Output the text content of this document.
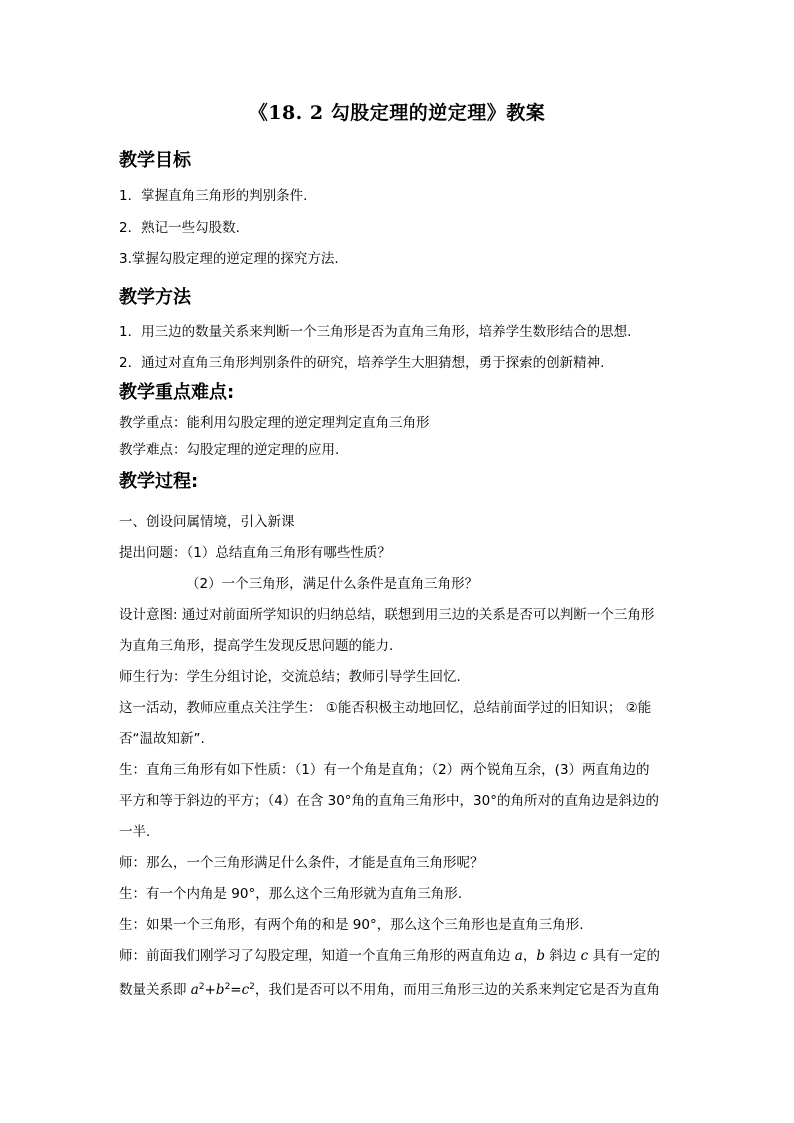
《18. 2 勾股定理的逆定理》教案
教学目标
1．掌握直角三角形的判别条件.
2．熟记一些勾股数.
3.掌握勾股定理的逆定理的探究方法.
教学方法
1．用三边的数量关系来判断一个三角形是否为直角三角形，培养学生数形结合的思想.
2．通过对直角三角形判别条件的研究，培养学生大胆猜想，勇于探索的创新精神.
教学重点难点:
教学重点：能利用勾股定理的逆定理判定直角三角形
教学难点：勾股定理的逆定理的应用.
教学过程:
一、创设问属情境，引入新课
提出问题：（1）总结直角三角形有哪些性质？
（2）一个三角形，满足什么条件是直角三角形？
设计意图: 通过对前面所学知识的归纳总结，联想到用三边的关系是否可以判断一个三角形
为直角三角形，提高学生发现反思问题的能力.
师生行为：学生分组讨论，交流总结；教师引导学生回忆.
这一活动，教师应重点关注学生： ①能否积极主动地回忆，总结前面学过的旧知识； ②能
否“温故知新”.
生：直角三角形有如下性质：（1）有一个角是直角；（2）两个锐角互余，(3）两直角边的
平方和等于斜边的平方；（4）在含 30°角的直角三角形中，30°的角所对的直角边是斜边的
一半.
师：那么，一个三角形满足什么条件，才能是直角三角形呢？
生：有一个内角是 90°，那么这个三角形就为直角三角形.
生：如果一个三角形，有两个角的和是 90°，那么这个三角形也是直角三角形.
师：前面我们刚学习了勾股定理，知道一个直角三角形的两直角边 a，b 斜边 c 具有一定的
数量关系即 $a^2+b^2=c^2$，我们是否可以不用角，而用三角形三边的关系来判定它是否为直角
